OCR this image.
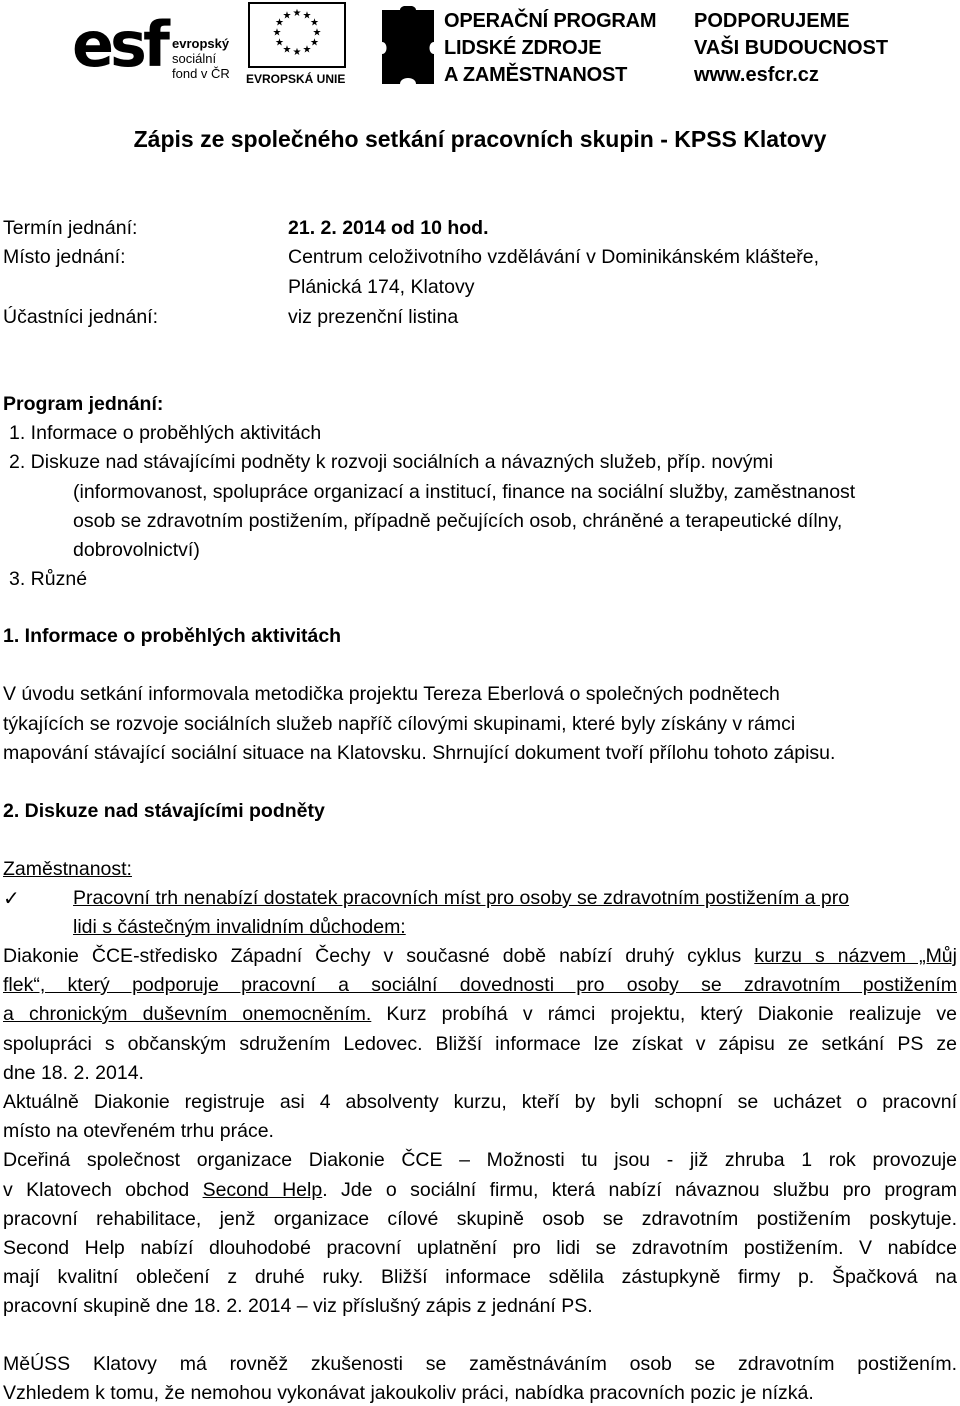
esf evropský
sociální
fond v ČR
★ ★
★
★
★
★
★
★
★
★
★
★
EVROPSKÁ UNIE
OPERAČNÍ PROGRAM
LIDSKÉ ZDROJE
A ZAMĚSTNANOST
PODPORUJEME
VAŠI BUDOUCNOST
www.esfcr.cz
Zápis ze společného setkání pracovních skupin - KPSS Klatovy
Termín jednání:	21. 2. 2014 od 10 hod.
Místo jednání:	Centrum celoživotního vzdělávání v Dominikánském klášteře,
Plánická 174, Klatovy
Účastníci jednání:	viz prezenční listina
Program jednání:
1. Informace o proběhlých aktivitách
2. Diskuze nad stávajícími podněty k rozvoji sociálních a návazných služeb, příp. novými
(informovanost, spolupráce organizací a institucí, finance na sociální služby, zaměstnanost
osob se zdravotním postižením, případně pečujících osob, chráněné a terapeutické dílny,
dobrovolnictví)
3. Různé
1. Informace o proběhlých aktivitách
V úvodu setkání informovala metodička projektu Tereza Eberlová o společných podnětech
týkajících se rozvoje sociálních služeb napříč cílovými skupinami, které byly získány v rámci
mapování stávající sociální situace na Klatovsku. Shrnující dokument tvoří přílohu tohoto zápisu.
2. Diskuze nad stávajícími podněty
Zaměstnanost:
✓	Pracovní trh nenabízí dostatek pracovních míst pro osoby se zdravotním postižením a pro
lidi s částečným invalidním důchodem:
Diakonie ČCE-středisko Západní Čechy v současné době nabízí druhý cyklus kurzu s názvem „Můj
flek“, který podporuje pracovní a sociální dovednosti pro osoby se zdravotním postižením
a chronickým duševním onemocněním. Kurz probíhá v rámci projektu, který Diakonie realizuje ve
spolupráci s občanským sdružením Ledovec. Bližší informace lze získat v zápisu ze setkání PS ze
dne 18. 2. 2014.
Aktuálně Diakonie registruje asi 4 absolventy kurzu, kteří by byli schopní se ucházet o pracovní
místo na otevřeném trhu práce.
Dceřiná společnost organizace Diakonie ČCE – Možnosti tu jsou - již zhruba 1 rok provozuje
v Klatovech obchod Second Help. Jde o sociální firmu, která nabízí návaznou službu pro program
pracovní rehabilitace, jenž organizace cílové skupině osob se zdravotním postižením poskytuje.
Second Help nabízí dlouhodobé pracovní uplatnění pro lidi se zdravotním postižením. V nabídce
mají kvalitní oblečení z druhé ruky. Bližší informace sdělila zástupkyně firmy p. Špačková na
pracovní skupině dne 18. 2. 2014 – viz příslušný zápis z jednání PS.
MěÚSS Klatovy má rovněž zkušenosti se zaměstnáváním osob se zdravotním postižením.
Vzhledem k tomu, že nemohou vykonávat jakoukoliv práci, nabídka pracovních pozic je nízká.
